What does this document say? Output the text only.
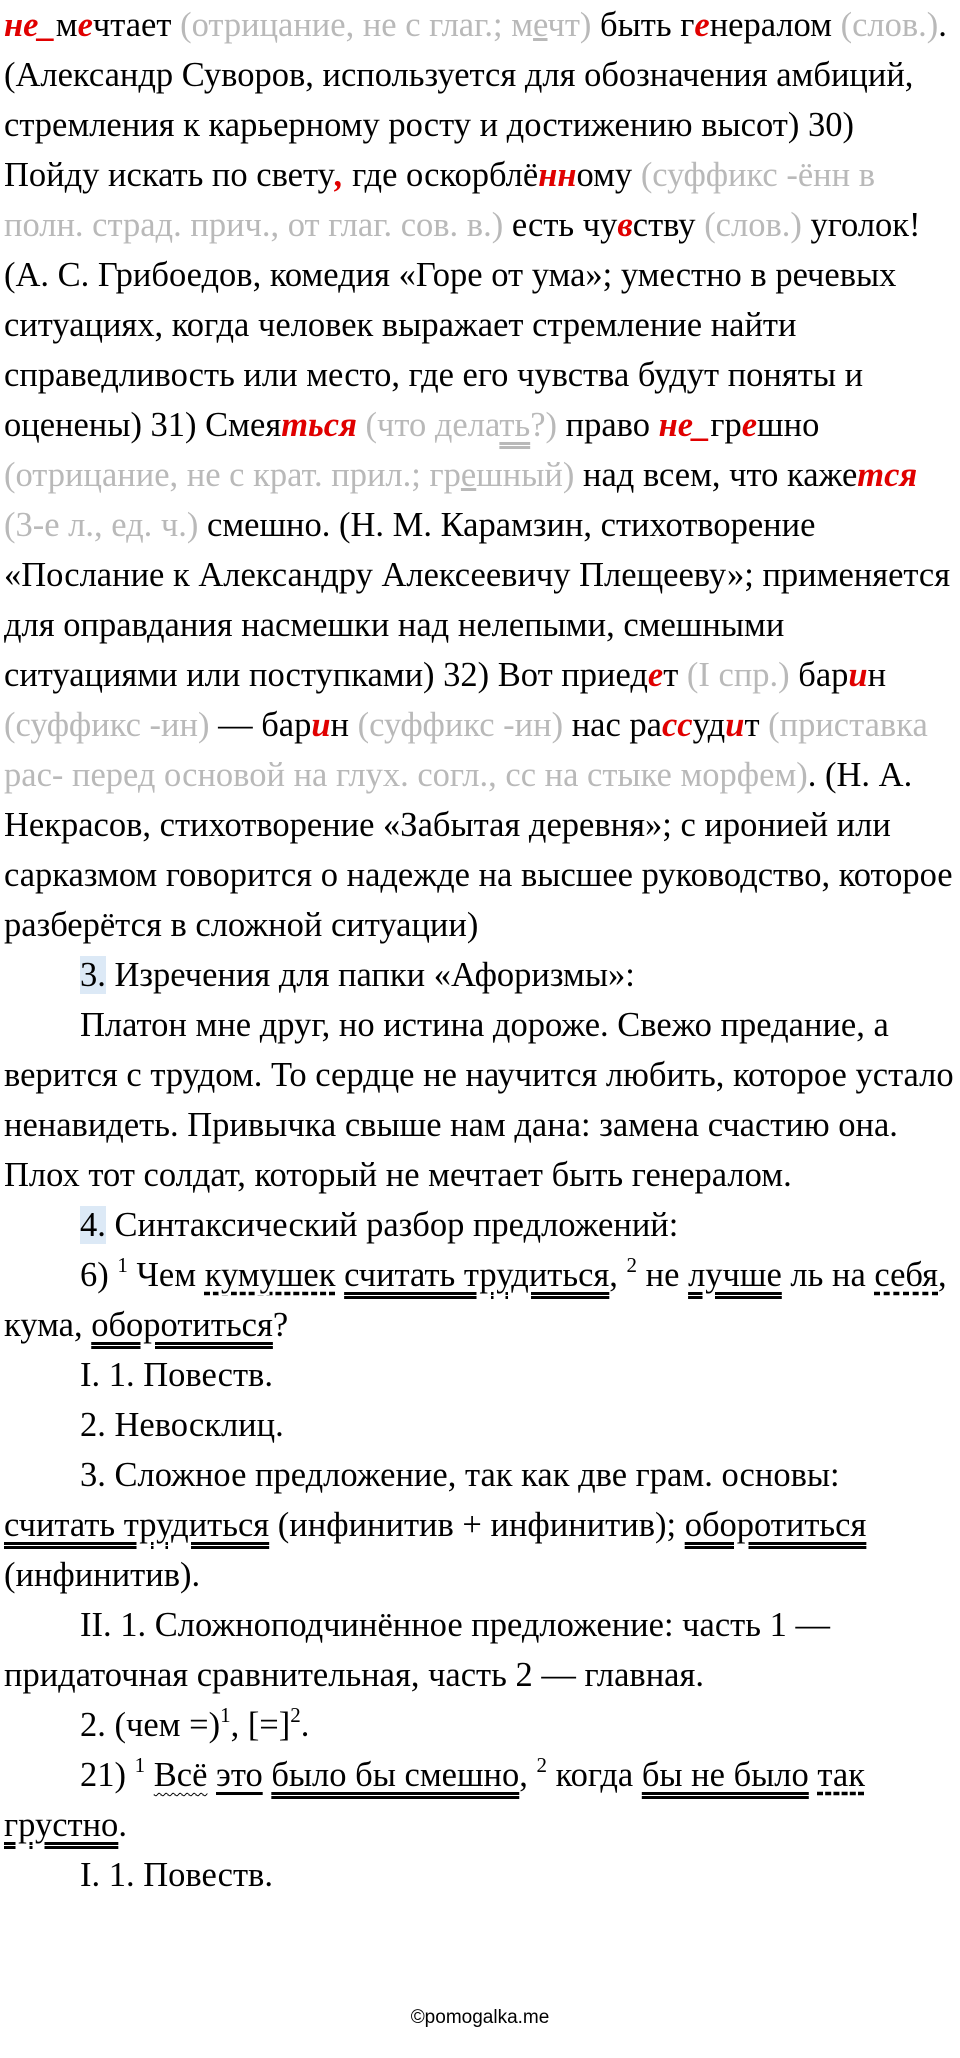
не_мечтает (отрицание, не с глаг.; мечт) быть генералом (слов.). (Александр Суворов, используется для обозначения амбиций, стремления к карьерному росту и достижению высот) 30) Пойду искать по свету, где оскорблённому (суффикс -ённ в полн. страд. прич., от глаг. сов. в.) есть чувству (слов.) уголок! (А. С. Грибоедов, комедия «Горе от ума»; уместно в речевых ситуациях, когда человек выражает стремление найти справедливость или место, где его чувства будут поняты и оценены) 31) Смеяться (что делать?) право не_грешно (отрицание, не с крат. прил.; грешный) над всем, что кажется (3-е л., ед. ч.) смешно. (Н. М. Карамзин, стихотворение «Послание к Александру Алексеевичу Плещееву»; применяется для оправдания насмешки над нелепыми, смешными ситуациями или поступками) 32) Вот приедет (I спр.) барин (суффикс -ин) — барин (суффикс -ин) нас рассудит (приставка рас- перед основой на глух. согл., сс на стыке морфем). (Н. А. Некрасов, стихотворение «Забытая деревня»; с иронией или сарказмом говорится о надежде на высшее руководство, которое разберётся в сложной ситуации)

3. Изречения для папки «Афоризмы»:

Платон мне друг, но истина дороже. Свежо предание, а верится с трудом. То сердце не научится любить, которое устало ненавидеть. Привычка свыше нам дана: замена счастию она. Плох тот солдат, который не мечтает быть генералом.

4. Синтаксический разбор предложений:

6) $^1$ Чем кумушек считать трудиться, $^2$ не лучше ль на себя, кума, оборотиться?

I. 1. Повеств.

2. Невосклиц.

3. Сложное предложение, так как две грам. основы: считать трудиться (инфинитив + инфинитив); оборотиться (инфинитив).

II. 1. Сложноподчинённое предложение: часть 1 — придаточная сравнительная, часть 2 — главная.

2. (чем =)$^1$, [=]$^2$.

21) $^1$ Всё это было бы смешно, $^2$ когда бы не было так грустно.

I. 1. Повеств.

©pomogalka.me
